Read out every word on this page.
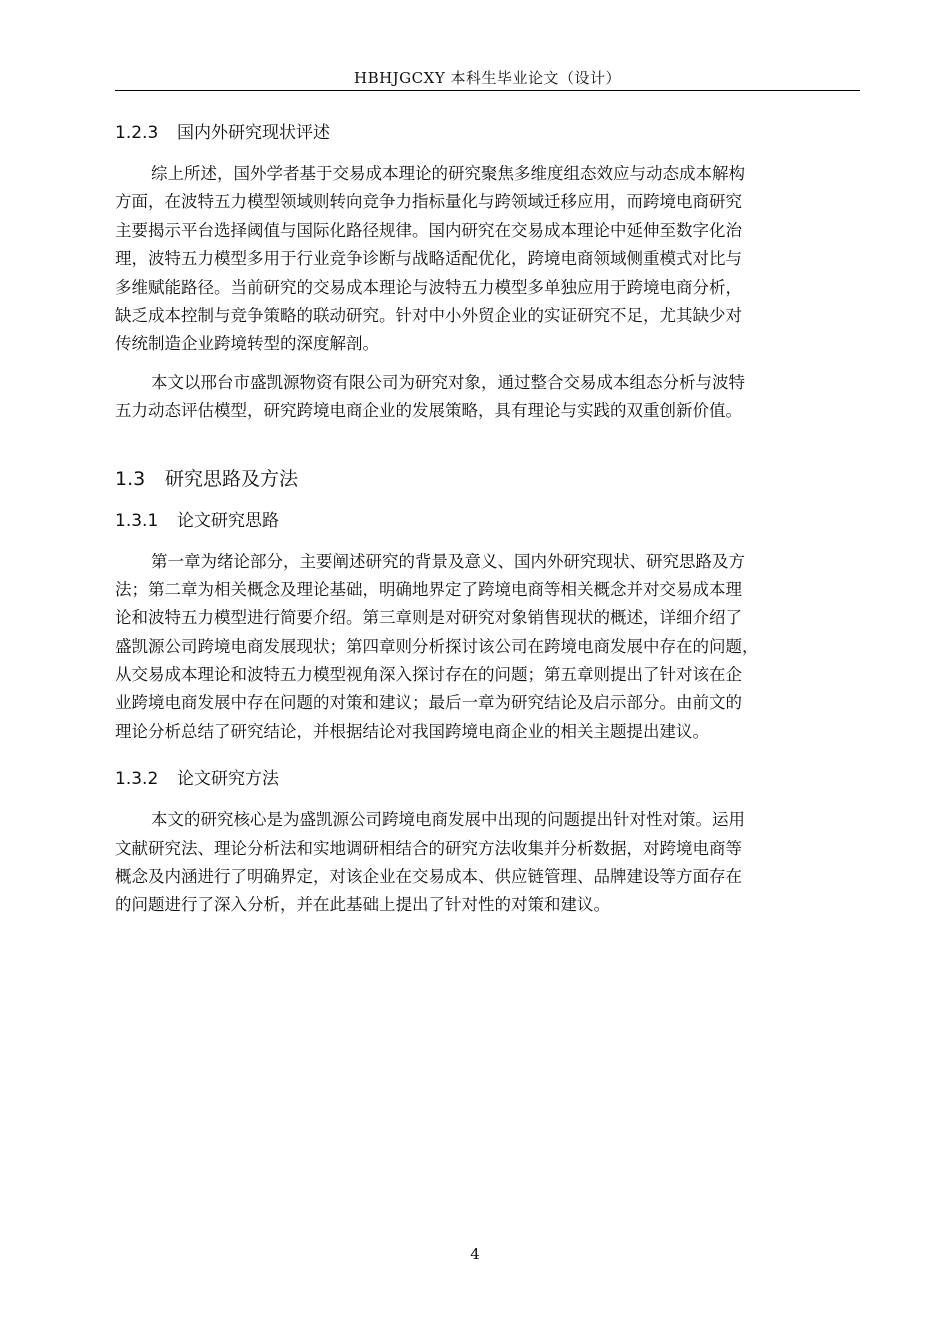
HBHJGCXY 本科生毕业论文（设计）
1.2.3 国内外研究现状评述
综上所述，国外学者基于交易成本理论的研究聚焦多维度组态效应与动态成本解构
方面，在波特五力模型领域则转向竞争力指标量化与跨领域迁移应用，而跨境电商研究
主要揭示平台选择阈值与国际化路径规律。国内研究在交易成本理论中延伸至数字化治
理，波特五力模型多用于行业竞争诊断与战略适配优化，跨境电商领域侧重模式对比与
多维赋能路径。当前研究的交易成本理论与波特五力模型多单独应用于跨境电商分析，
缺乏成本控制与竞争策略的联动研究。针对中小外贸企业的实证研究不足，尤其缺少对
传统制造企业跨境转型的深度解剖。
本文以邢台市盛凯源物资有限公司为研究对象，通过整合交易成本组态分析与波特
五力动态评估模型，研究跨境电商企业的发展策略，具有理论与实践的双重创新价值。
1.3 研究思路及方法
1.3.1 论文研究思路
第一章为绪论部分，主要阐述研究的背景及意义、国内外研究现状、研究思路及方
法；第二章为相关概念及理论基础，明确地界定了跨境电商等相关概念并对交易成本理
论和波特五力模型进行简要介绍。第三章则是对研究对象销售现状的概述，详细介绍了
盛凯源公司跨境电商发展现状；第四章则分析探讨该公司在跨境电商发展中存在的问题，
从交易成本理论和波特五力模型视角深入探讨存在的问题；第五章则提出了针对该在企
业跨境电商发展中存在问题的对策和建议；最后一章为研究结论及启示部分。由前文的
理论分析总结了研究结论，并根据结论对我国跨境电商企业的相关主题提出建议。
1.3.2 论文研究方法
本文的研究核心是为盛凯源公司跨境电商发展中出现的问题提出针对性对策。运用
文献研究法、理论分析法和实地调研相结合的研究方法收集并分析数据，对跨境电商等
概念及内涵进行了明确界定，对该企业在交易成本、供应链管理、品牌建设等方面存在
的问题进行了深入分析，并在此基础上提出了针对性的对策和建议。
4
